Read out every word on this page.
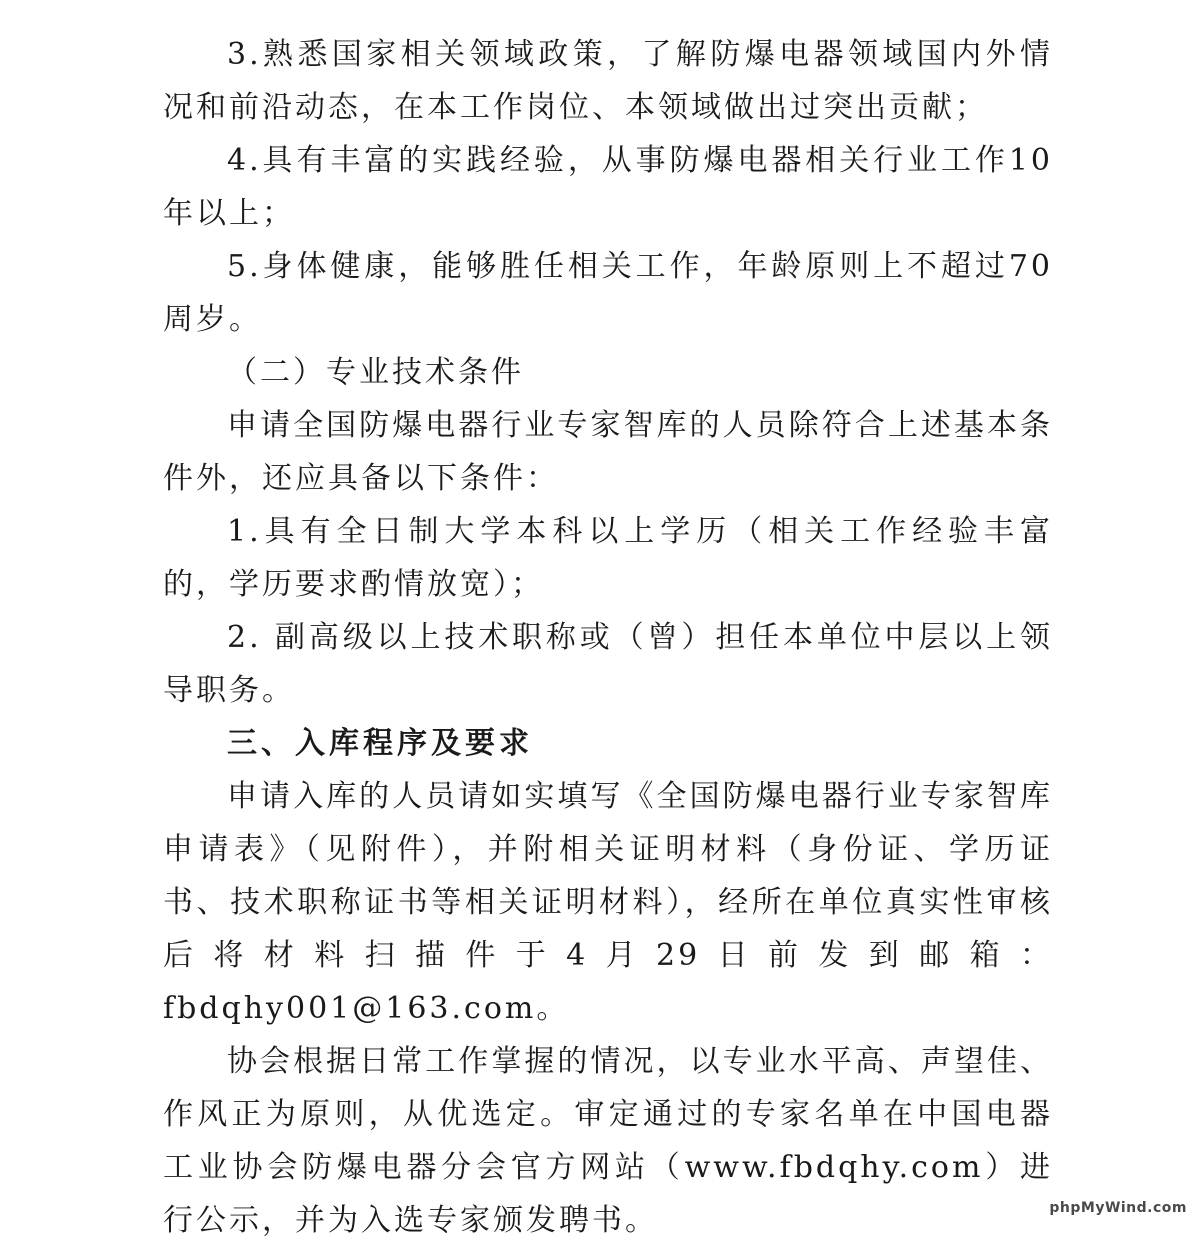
3.熟悉国家相关领域政策，了解防爆电器领域国内外情况和前沿动态，在本工作岗位、本领域做出过突出贡献；

4.具有丰富的实践经验，从事防爆电器相关行业工作10年以上；

5.身体健康，能够胜任相关工作，年龄原则上不超过70周岁。

（二）专业技术条件

申请全国防爆电器行业专家智库的人员除符合上述基本条件外，还应具备以下条件：

1.具有全日制大学本科以上学历（相关工作经验丰富的，学历要求酌情放宽）；

2. 副高级以上技术职称或（曾）担任本单位中层以上领导职务。

三、入库程序及要求

申请入库的人员请如实填写《全国防爆电器行业专家智库申请表》（见附件），并附相关证明材料（身份证、学历证书、技术职称证书等相关证明材料），经所在单位真实性审核后将材料扫描件于4月29日前发到邮箱：fbdqhy001@163.com。

协会根据日常工作掌握的情况，以专业水平高、声望佳、作风正为原则，从优选定。审定通过的专家名单在中国电器工业协会防爆电器分会官方网站（www.fbdqhy.com）进行公示，并为入选专家颁发聘书。	phpMyWind.com
